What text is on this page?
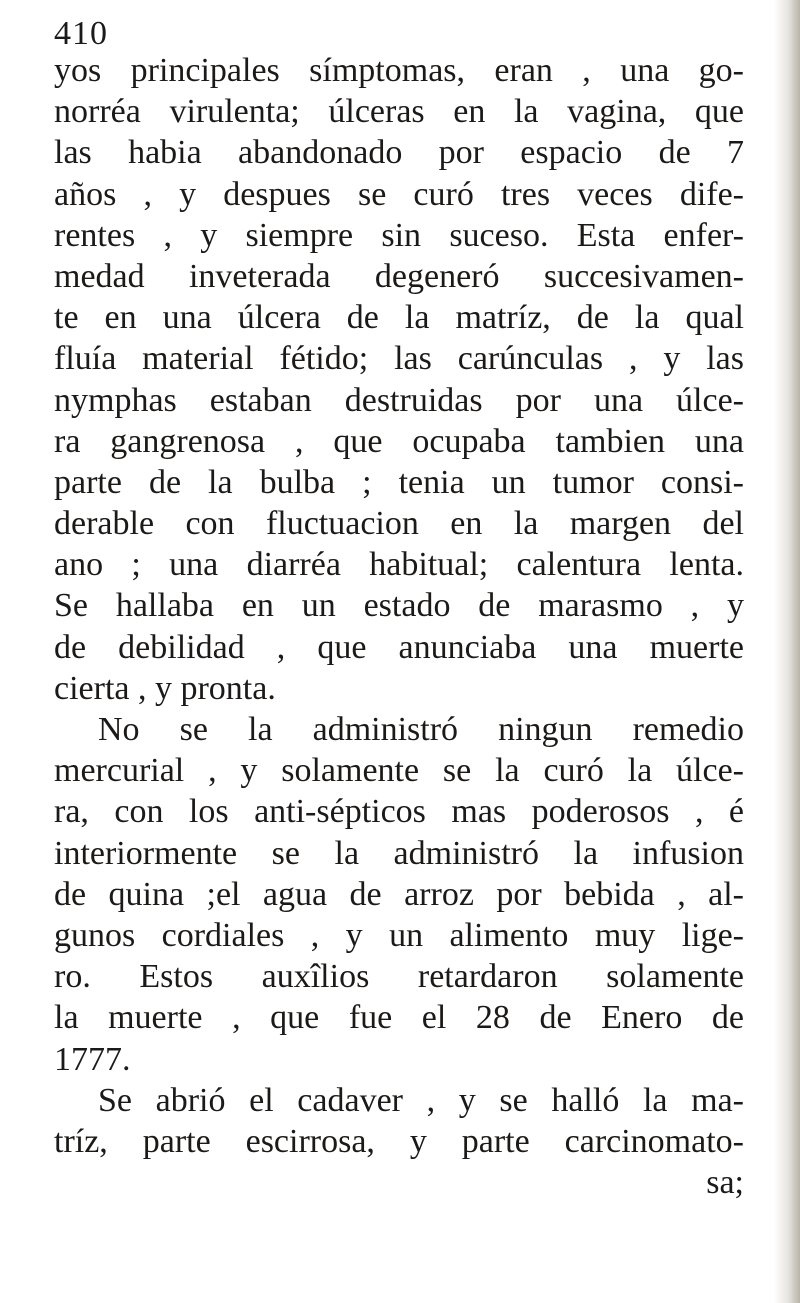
410
yos principales símptomas, eran , una go-
norréa virulenta; úlceras en la vagina, que
las habia abandonado por espacio de 7
años , y despues se curó tres veces dife-
rentes , y siempre sin suceso. Esta enfer-
medad inveterada degeneró succesivamen-
te en una úlcera de la matríz, de la qual
fluía material fétido; las carúnculas , y las
nymphas estaban destruidas por una úlce-
ra gangrenosa , que ocupaba tambien una
parte de la bulba ; tenia un tumor consi-
derable con fluctuacion en la margen del
ano ; una diarréa habitual; calentura lenta.
Se hallaba en un estado de marasmo , y
de debilidad , que anunciaba una muerte
cierta , y pronta.
No se la administró ningun remedio
mercurial , y solamente se la curó la úlce-
ra, con los anti-sépticos mas poderosos , é
interiormente se la administró la infusion
de quina ;el agua de arroz por bebida , al-
gunos cordiales , y un alimento muy lige-
ro. Estos auxîlios retardaron solamente
la muerte , que fue el 28 de Enero de
1777.
Se abrió el cadaver , y se halló la ma-
tríz, parte escirrosa, y parte carcinomato-
sa;
